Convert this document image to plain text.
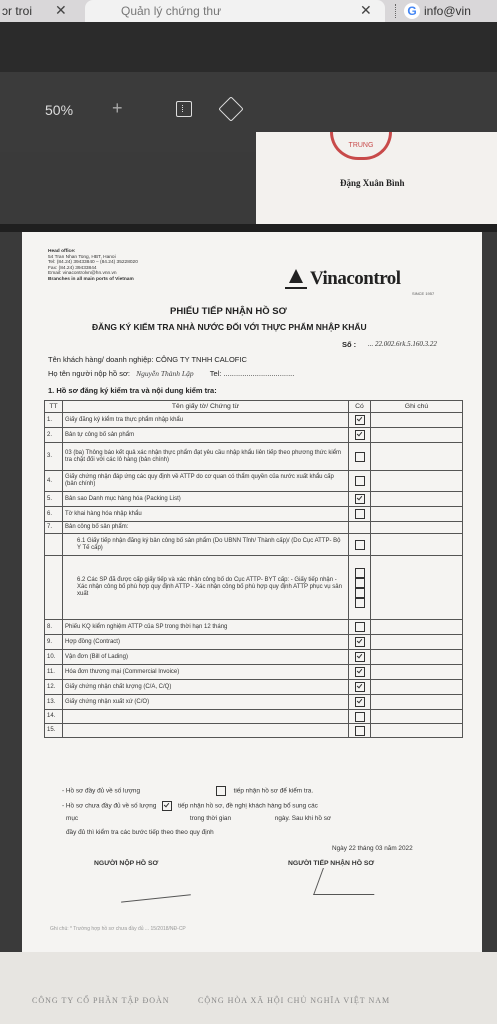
ɔr troi ✕	Quản lý chứng thư	✕	G info@vin
50% +
TRUNG
Đặng Xuân Bình
Head office:
54 Tran Nhan Tong, HBT, Hanoi
Tel: (84.24) 39433840 – (84.24) 35228020
Fax: (84.24) 39433844
Email: vinacontrolvn@hn.vnn.vn
Branches in all main ports of Vietnam	Vinacontrol
SINCE 1957
PHIẾU TIẾP NHẬN HỒ SƠ
ĐĂNG KÝ KIỂM TRA NHÀ NƯỚC ĐỐI VỚI THỰC PHẨM NHẬP KHẨU
Số : ... 22.002.6rk.5.160.3.22
Tên khách hàng/ doanh nghiệp: CÔNG TY TNHH CALOFIC
Họ tên người nộp hồ sơ: Nguyễn Thành Lập Tel: ..................................
1. Hồ sơ đăng ký kiểm tra và nội dung kiểm tra:
TT	Tên giấy tờ/ Chứng từ	Có	Ghi chú
1.	Giấy đăng ký kiểm tra thực phẩm nhập khẩu		
2.	Bản tự công bố sản phẩm		
3.	03 (ba) Thông báo kết quả xác nhận thực phẩm đạt yêu cầu nhập khẩu liên tiếp theo phương thức kiểm tra chặt đối với các lô hàng (bản chính)		
4.	Giấy chứng nhận đáp ứng các quy định về ATTP do cơ quan có thẩm quyền của nước xuất khẩu cấp (bản chính)		
5.	Bản sao Danh mục hàng hóa (Packing List)		
6.	Tờ khai hàng hóa nhập khẩu		
7.	Bản công bố sản phẩm:		
	6.1 Giấy tiếp nhận đăng ký bản công bố sản phẩm (Do UBNN Tỉnh/ Thành cấp)/ (Do Cục ATTP- Bộ Y Tế cấp)		
	6.2 Các SP đã được cấp giấy tiếp và xác nhận công bố do Cục ATTP- BYT cấp: - Giấy tiếp nhận - Xác nhận công bố phù hợp quy định ATTP - Xác nhận công bố phù hợp quy định ATTP phục vụ sản xuất	

8.	Phiếu KQ kiểm nghiệm ATTP của SP trong thời hạn 12 tháng		
9.	Hợp đồng (Contract)		
10.	Vận đơn (Bill of Lading)		
11.	Hóa đơn thương mại (Commercial Invoice)		
12.	Giấy chứng nhận chất lượng (C/A, C/Q)		
13.	Giấy chứng nhận xuất xứ (C/O)		
14.			
15.			
- Hồ sơ đầy đủ về số lượng	tiếp nhận hồ sơ để kiểm tra.
- Hồ sơ chưa đầy đủ về số lượng	tiếp nhận hồ sơ, đề nghị khách hàng bổ sung các
mục	trong thời gian	ngày. Sau khi hồ sơ
đầy đủ thì kiểm tra các bước tiếp theo theo quy định
Ngày 22 tháng 03 năm 2022
NGƯỜI NỘP HỒ SƠ	NGƯỜI TIẾP NHẬN HỒ SƠ
Ghi chú: * Trường hợp hồ sơ chưa đầy đủ ... 15/2018/NĐ-CP
CÔNG TY CỔ PHẦN TẬP ĐOÀN	CỘNG HÒA XÃ HỘI CHỦ NGHĨA VIỆT NAM
